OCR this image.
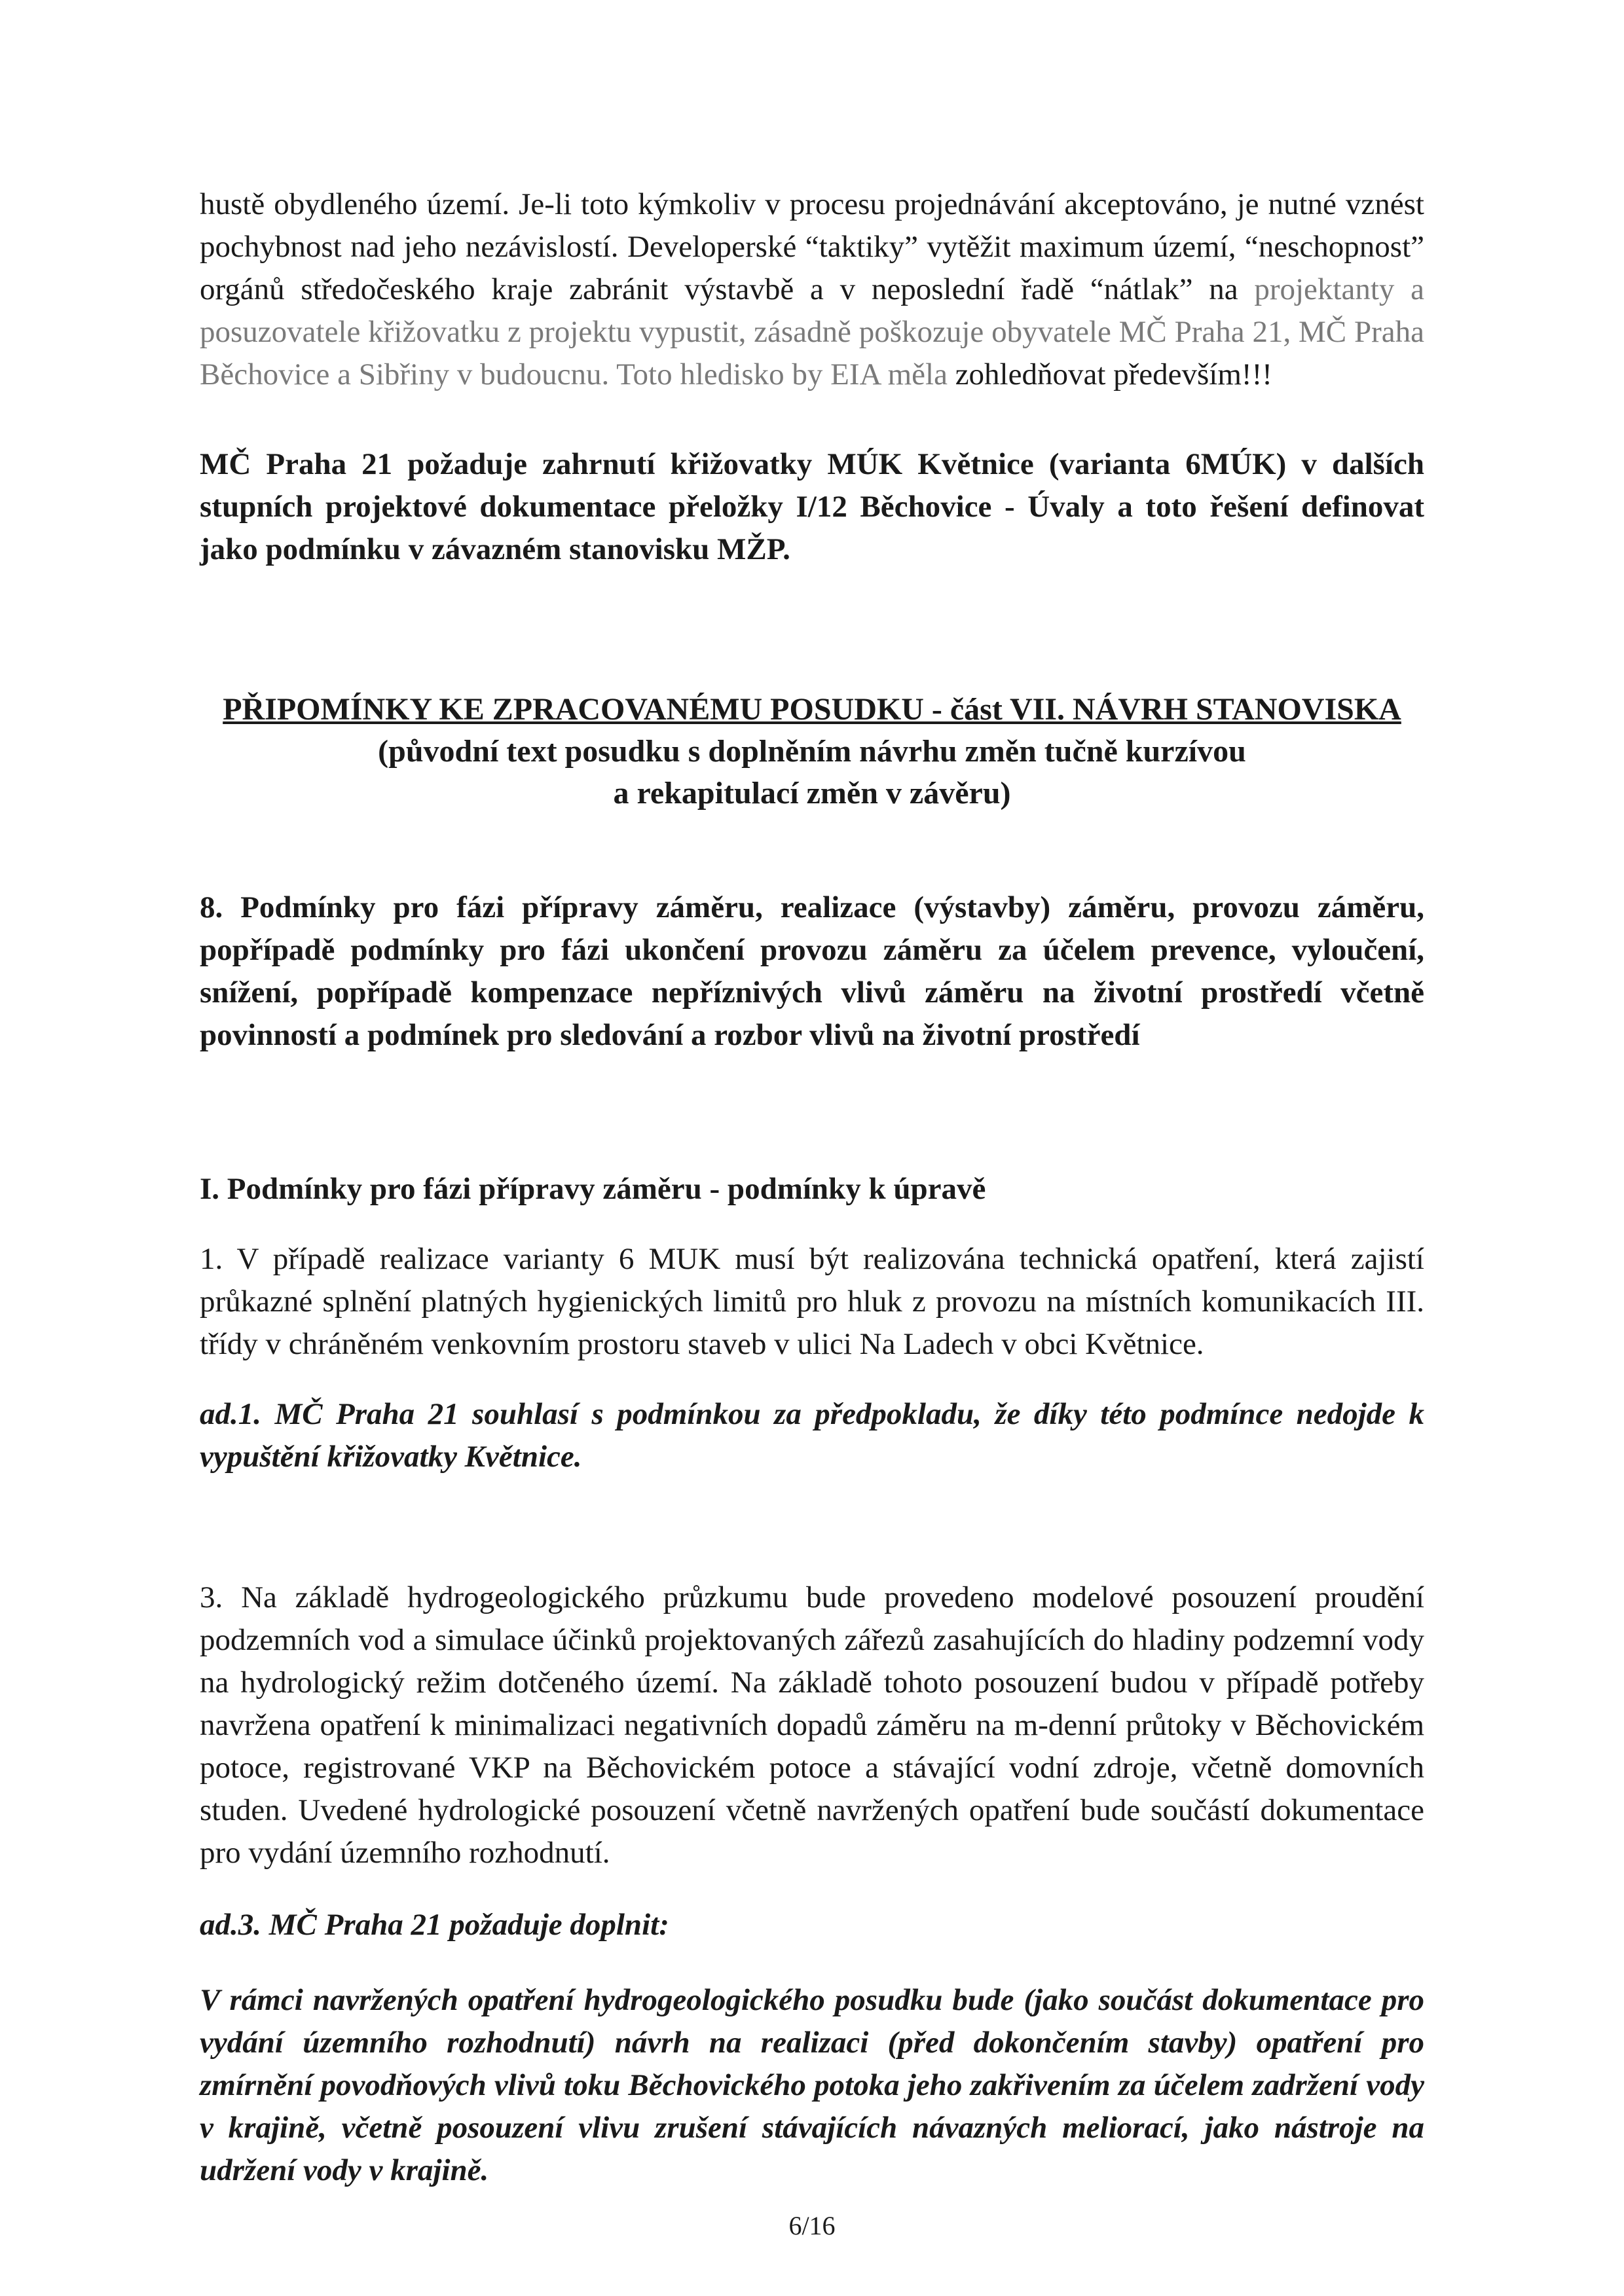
hustě obydleného území. Je-li toto kýmkoliv v procesu projednávání akceptováno, je nutné vznést pochybnost nad jeho nezávislostí. Developerské “taktiky” vytěžit maximum území, “neschopnost” orgánů středočeského kraje zabránit výstavbě a v neposlední řadě “nátlak” na projektanty a posuzovatele křižovatku z projektu vypustit, zásadně poškozuje obyvatele MČ Praha 21, MČ Praha Běchovice a Sibřiny v budoucnu. Toto hledisko by EIA měla zohledňovat především!!!

MČ Praha 21 požaduje zahrnutí křižovatky MÚK Květnice (varianta 6MÚK) v dalších stupních projektové dokumentace přeložky I/12 Běchovice - Úvaly a toto řešení definovat jako podmínku v závazném stanovisku MŽP.

PŘIPOMÍNKY KE ZPRACOVANÉMU POSUDKU - část VII. NÁVRH STANOVISKA
(původní text posudku s doplněním návrhu změn tučně kurzívou
a rekapitulací změn v závěru)

8. Podmínky pro fázi přípravy záměru, realizace (výstavby) záměru, provozu záměru, popřípadě podmínky pro fázi ukončení provozu záměru za účelem prevence, vyloučení, snížení, popřípadě kompenzace nepříznivých vlivů záměru na životní prostředí včetně povinností a podmínek pro sledování a rozbor vlivů na životní prostředí

I. Podmínky pro fázi přípravy záměru - podmínky k úpravě

1. V případě realizace varianty 6 MUK musí být realizována technická opatření, která zajistí průkazné splnění platných hygienických limitů pro hluk z provozu na místních komunikacích III. třídy v chráněném venkovním prostoru staveb v ulici Na Ladech v obci Květnice.

ad.1. MČ Praha 21 souhlasí s podmínkou za předpokladu, že díky této podmínce nedojde k vypuštění křižovatky Květnice.

3. Na základě hydrogeologického průzkumu bude provedeno modelové posouzení proudění podzemních vod a simulace účinků projektovaných zářezů zasahujících do hladiny podzemní vody na hydrologický režim dotčeného území. Na základě tohoto posouzení budou v případě potřeby navržena opatření k minimalizaci negativních dopadů záměru na m-denní průtoky v Běchovickém potoce, registrované VKP na Běchovickém potoce a stávající vodní zdroje, včetně domovních studen. Uvedené hydrologické posouzení včetně navržených opatření bude součástí dokumentace pro vydání územního rozhodnutí.

ad.3. MČ Praha 21 požaduje doplnit:

V rámci navržených opatření hydrogeologického posudku bude (jako součást dokumentace pro vydání územního rozhodnutí) návrh na realizaci (před dokončením stavby) opatření pro zmírnění povodňových vlivů toku Běchovického potoka jeho zakřivením za účelem zadržení vody v krajině, včetně posouzení vlivu zrušení stávajících návazných meliorací, jako nástroje na udržení vody v krajině.

6/16
